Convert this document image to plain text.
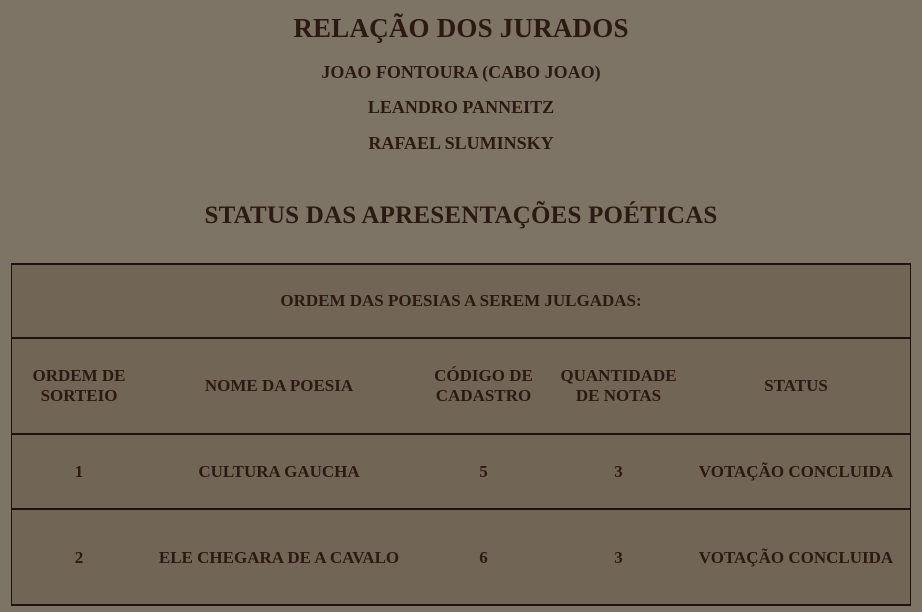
RELAÇÃO DOS JURADOS

JOAO FONTOURA (CABO JOAO)

LEANDRO PANNEITZ

RAFAEL SLUMINSKY

STATUS DAS APRESENTAÇÕES POÉTICAS
ORDEM DAS POESIAS A SEREM JULGADAS:				
ORDEM DE SORTEIO	NOME DA POESIA	CÓDIGO DE CADASTRO	QUANTIDADE DE NOTAS	STATUS
1	CULTURA GAUCHA	5	3	VOTAÇÃO CONCLUIDA
2	ELE CHEGARA DE A CAVALO	6	3	VOTAÇÃO CONCLUIDA
